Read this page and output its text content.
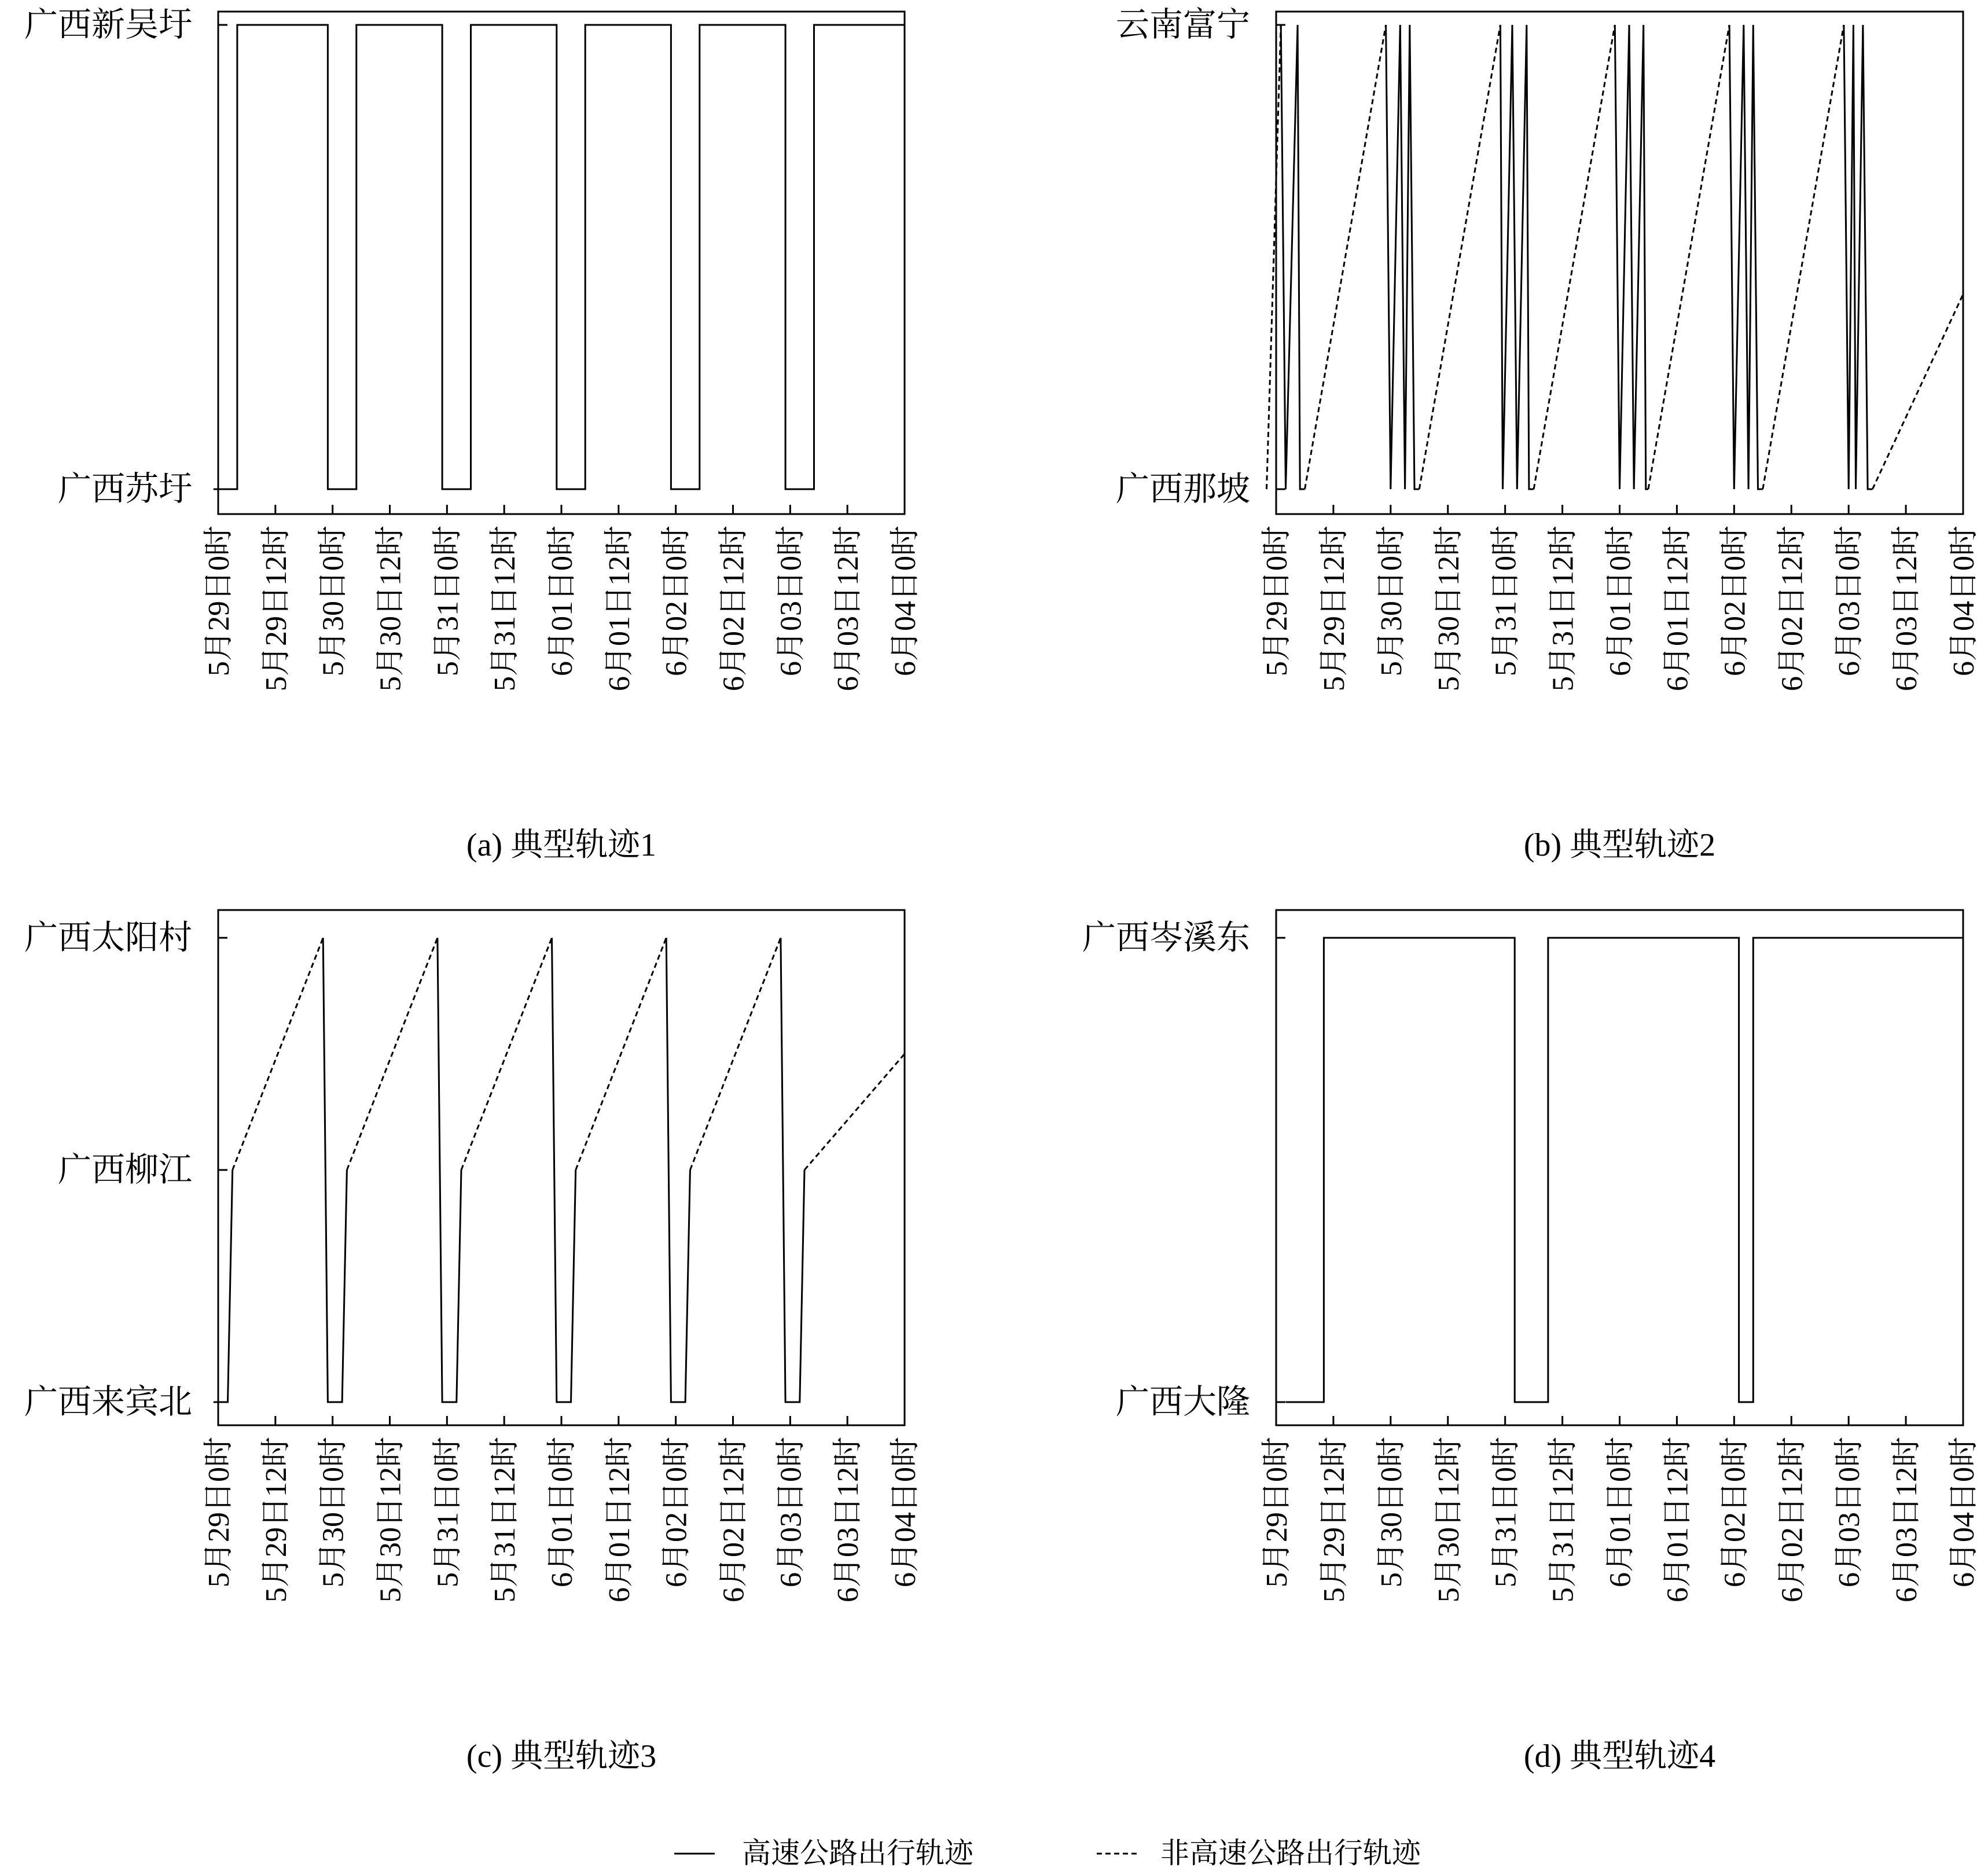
广西苏圩
广西新吴圩
5月29日0时 5月29日12时 5月30日0时 5月30日12时 5月31日0时 5月31日12时 6月01日0时 6月01日12时 6月02日0时 6月02日12时 6月03日0时 6月03日12时 6月04日0时
(a) 典型轨迹1
广西那坡
云南富宁
5月29日0时 5月29日12时 5月30日0时 5月30日12时 5月31日0时 5月31日12时 6月01日0时 6月01日12时 6月02日0时 6月02日12时 6月03日0时 6月03日12时 6月04日0时
(b) 典型轨迹2
广西来宾北
广西柳江
广西太阳村
5月29日0时 5月29日12时 5月30日0时 5月30日12时 5月31日0时 5月31日12时 6月01日0时 6月01日12时 6月02日0时 6月02日12时 6月03日0时 6月03日12时 6月04日0时
(c) 典型轨迹3
广西大隆
广西岑溪东
5月29日0时 5月29日12时 5月30日0时 5月30日12时 5月31日0时 5月31日12时 6月01日0时 6月01日12时 6月02日0时 6月02日12时 6月03日0时 6月03日12时 6月04日0时
(d) 典型轨迹4
高速公路出行轨迹	非高速公路出行轨迹
